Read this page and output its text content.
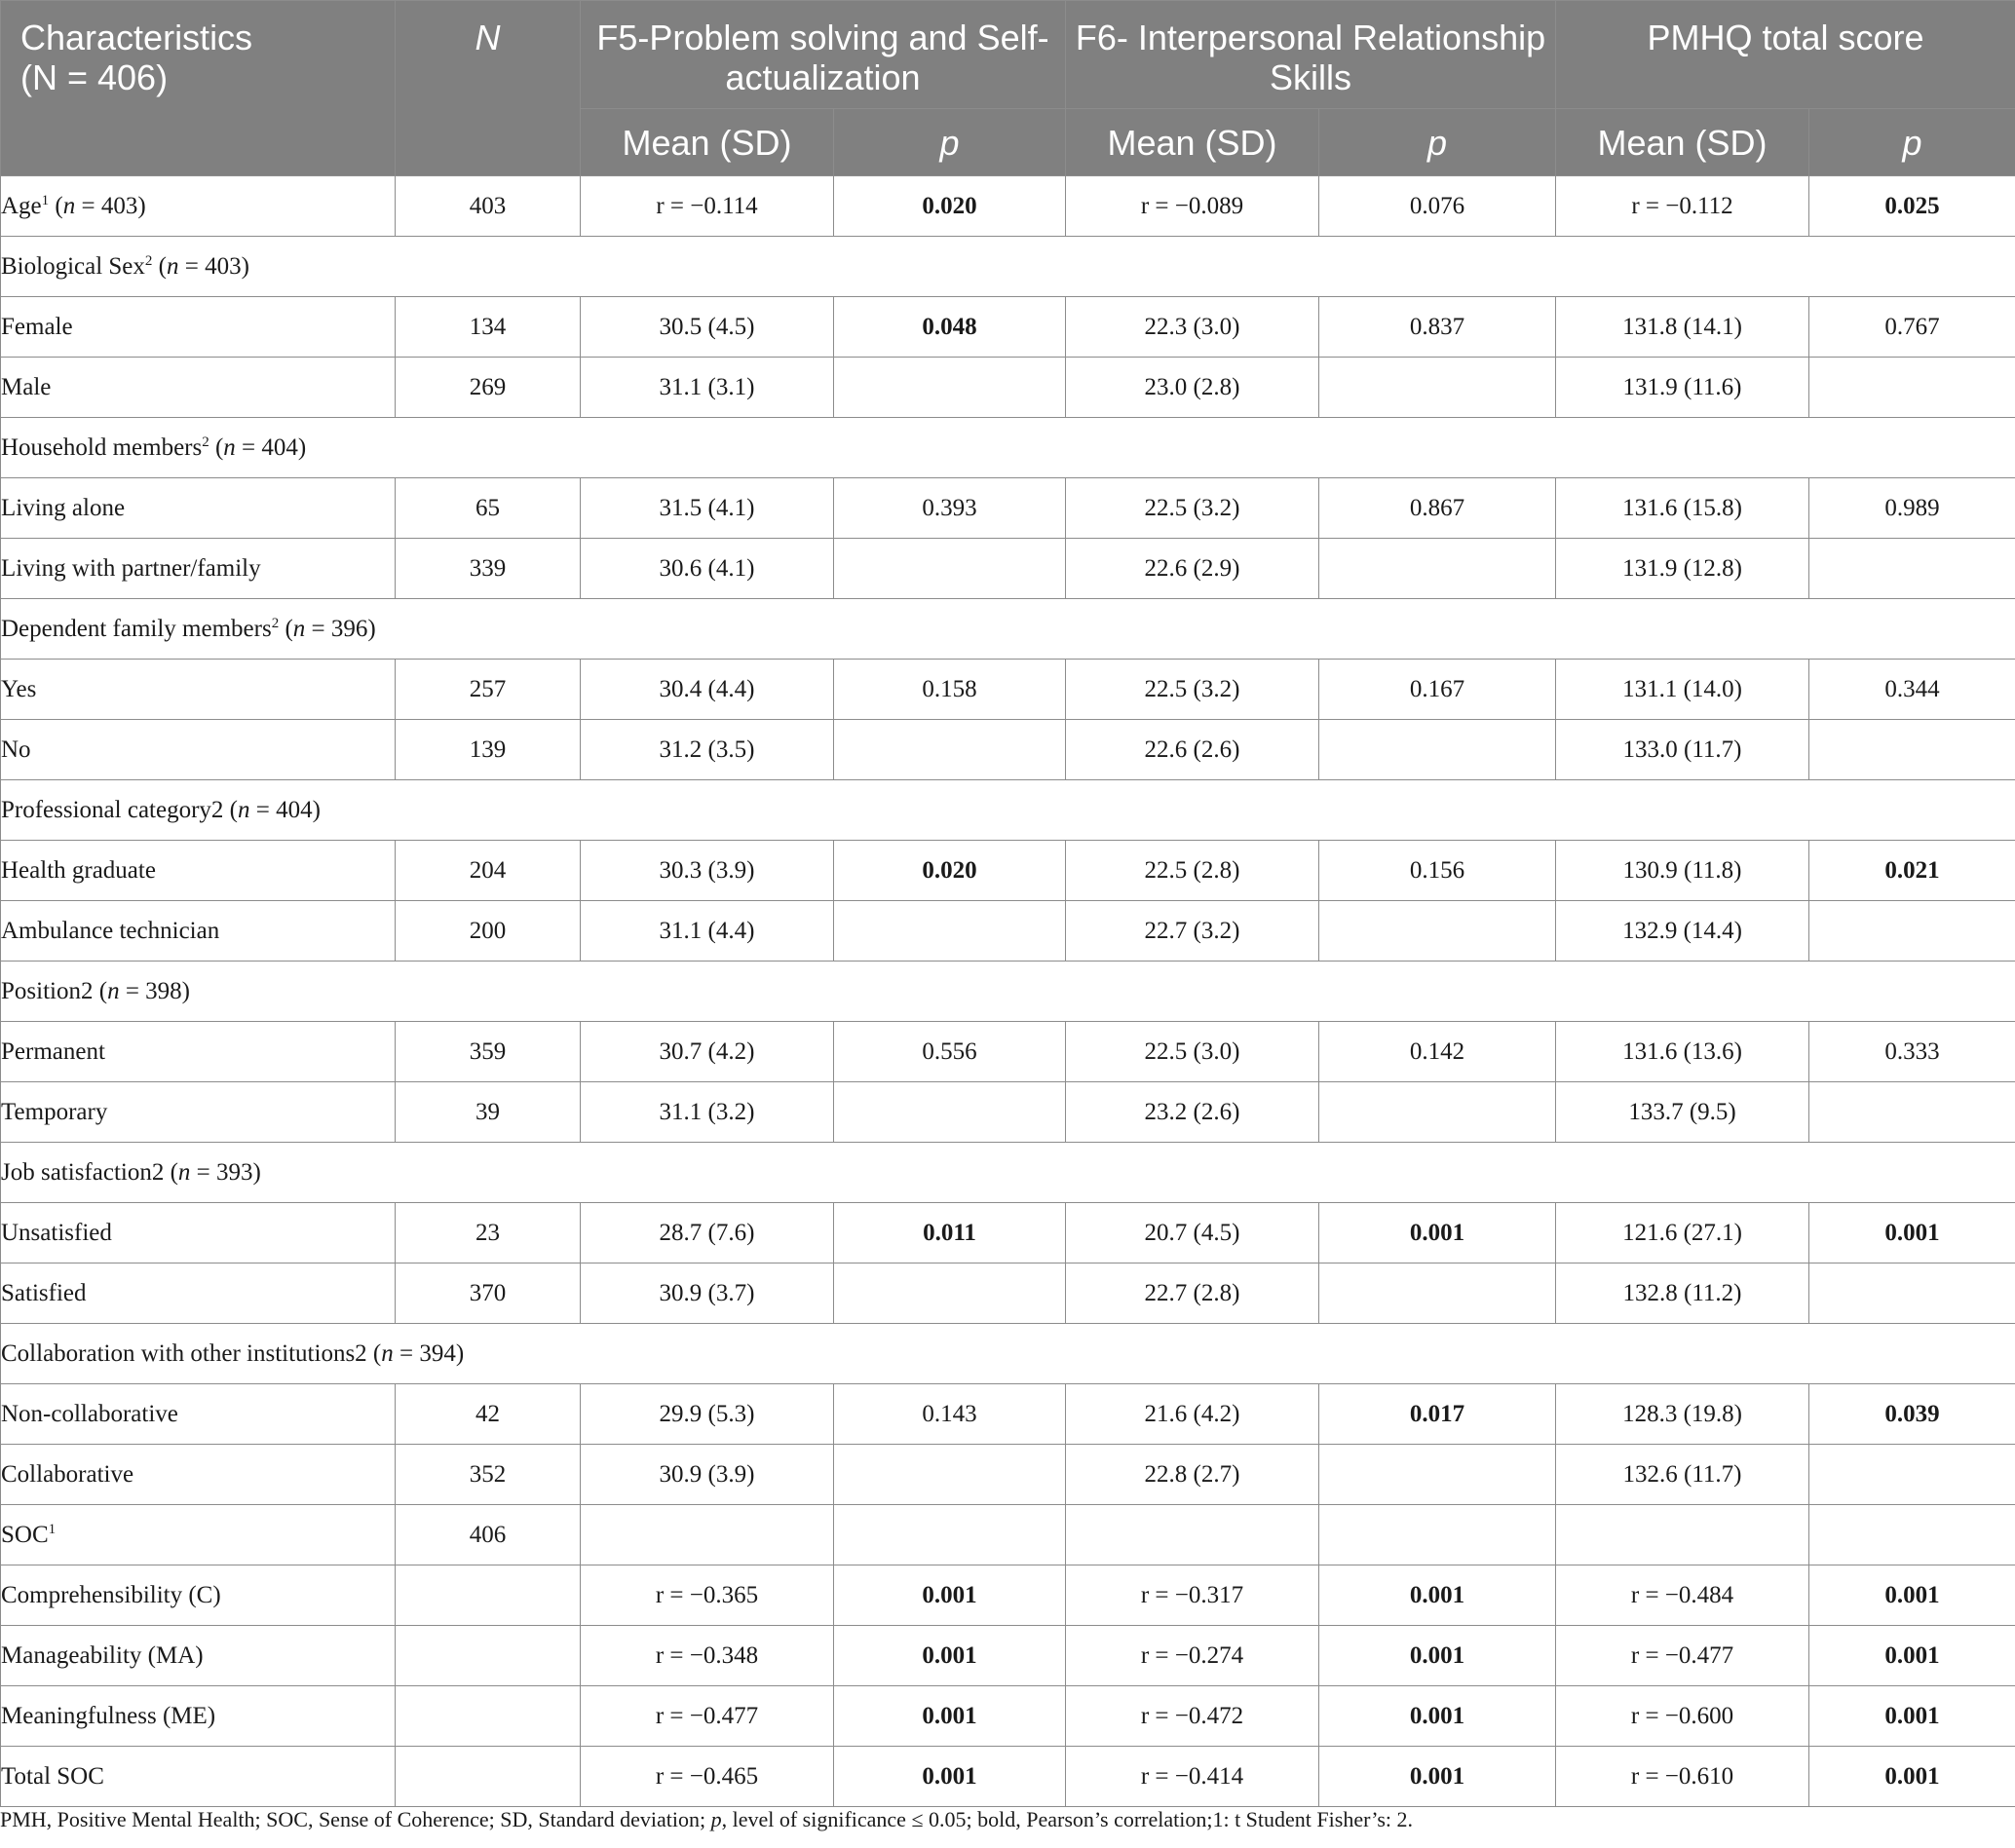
Characteristics
(N = 406)	N	F5-Problem solving and Self-actualization		F6- Interpersonal Relationship Skills		PMHQ total score	
		Mean (SD)	p	Mean (SD)	p	Mean (SD)	p
Age$^1$ (n = 403)	403	r = −0.114	0.020	r = −0.089	0.076	r = −0.112	0.025
Biological Sex$^2$ (n = 403)							
Female	134	30.5 (4.5)	0.048	22.3 (3.0)	0.837	131.8 (14.1)	0.767
Male	269	31.1 (3.1)		23.0 (2.8)		131.9 (11.6)	
Household members$^2$ (n = 404)							
Living alone	65	31.5 (4.1)	0.393	22.5 (3.2)	0.867	131.6 (15.8)	0.989
Living with partner/family	339	30.6 (4.1)		22.6 (2.9)		131.9 (12.8)	
Dependent family members$^2$ (n = 396)							
Yes	257	30.4 (4.4)	0.158	22.5 (3.2)	0.167	131.1 (14.0)	0.344
No	139	31.2 (3.5)		22.6 (2.6)		133.0 (11.7)	
Professional category2 (n = 404)							
Health graduate	204	30.3 (3.9)	0.020	22.5 (2.8)	0.156	130.9 (11.8)	0.021
Ambulance technician	200	31.1 (4.4)		22.7 (3.2)		132.9 (14.4)	
Position2 (n = 398)							
Permanent	359	30.7 (4.2)	0.556	22.5 (3.0)	0.142	131.6 (13.6)	0.333
Temporary	39	31.1 (3.2)		23.2 (2.6)		133.7 (9.5)	
Job satisfaction2 (n = 393)							
Unsatisfied	23	28.7 (7.6)	0.011	20.7 (4.5)	0.001	121.6 (27.1)	0.001
Satisfied	370	30.9 (3.7)		22.7 (2.8)		132.8 (11.2)	
Collaboration with other institutions2 (n = 394)							
Non-collaborative	42	29.9 (5.3)	0.143	21.6 (4.2)	0.017	128.3 (19.8)	0.039
Collaborative	352	30.9 (3.9)		22.8 (2.7)		132.6 (11.7)	
SOC$^1$	406						
Comprehensibility (C)		r = −0.365	0.001	r = −0.317	0.001	r = −0.484	0.001
Manageability (MA)		r = −0.348	0.001	r = −0.274	0.001	r = −0.477	0.001
Meaningfulness (ME)		r = −0.477	0.001	r = −0.472	0.001	r = −0.600	0.001
Total SOC		r = −0.465	0.001	r = −0.414	0.001	r = −0.610	0.001
PMH, Positive Mental Health; SOC, Sense of Coherence; SD, Standard deviation; p, level of significance ≤ 0.05; bold, Pearson’s correlation;1: t Student Fisher’s: 2.
